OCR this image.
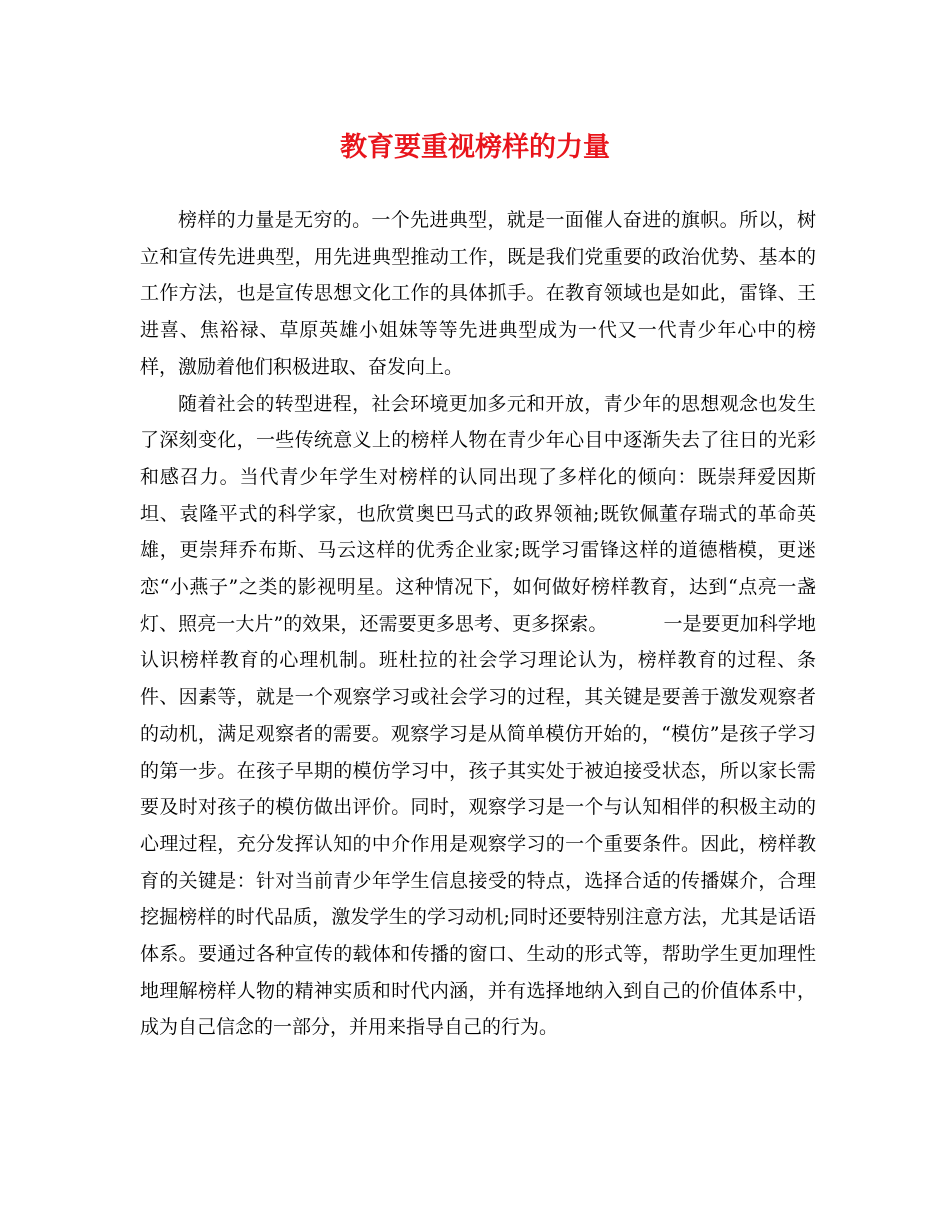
教育要重视榜样的力量

榜样的力量是无穷的。一个先进典型，就是一面催人奋进的旗帜。所以，树立和宣传先进典型，用先进典型推动工作，既是我们党重要的政治优势、基本的工作方法，也是宣传思想文化工作的具体抓手。在教育领域也是如此，雷锋、王进喜、焦裕禄、草原英雄小姐妹等等先进典型成为一代又一代青少年心中的榜样，激励着他们积极进取、奋发向上。

随着社会的转型进程，社会环境更加多元和开放，青少年的思想观念也发生了深刻变化，一些传统意义上的榜样人物在青少年心目中逐渐失去了往日的光彩和感召力。当代青少年学生对榜样的认同出现了多样化的倾向：既崇拜爱因斯坦、袁隆平式的科学家，也欣赏奥巴马式的政界领袖;既钦佩董存瑞式的革命英雄，更崇拜乔布斯、马云这样的优秀企业家;既学习雷锋这样的道德楷模，更迷恋“小燕子”之类的影视明星。这种情况下，如何做好榜样教育，达到“点亮一盏灯、照亮一大片”的效果，还需要更多思考、更多探索。	一是要更加科学地认识榜样教育的心理机制。班杜拉的社会学习理论认为，榜样教育的过程、条件、因素等，就是一个观察学习或社会学习的过程，其关键是要善于激发观察者的动机，满足观察者的需要。观察学习是从简单模仿开始的，“模仿”是孩子学习的第一步。在孩子早期的模仿学习中，孩子其实处于被迫接受状态，所以家长需要及时对孩子的模仿做出评价。同时，观察学习是一个与认知相伴的积极主动的心理过程，充分发挥认知的中介作用是观察学习的一个重要条件。因此，榜样教育的关键是：针对当前青少年学生信息接受的特点，选择合适的传播媒介，合理挖掘榜样的时代品质，激发学生的学习动机;同时还要特别注意方法，尤其是话语体系。要通过各种宣传的载体和传播的窗口、生动的形式等，帮助学生更加理性地理解榜样人物的精神实质和时代内涵，并有选择地纳入到自己的价值体系中，成为自己信念的一部分，并用来指导自己的行为。
